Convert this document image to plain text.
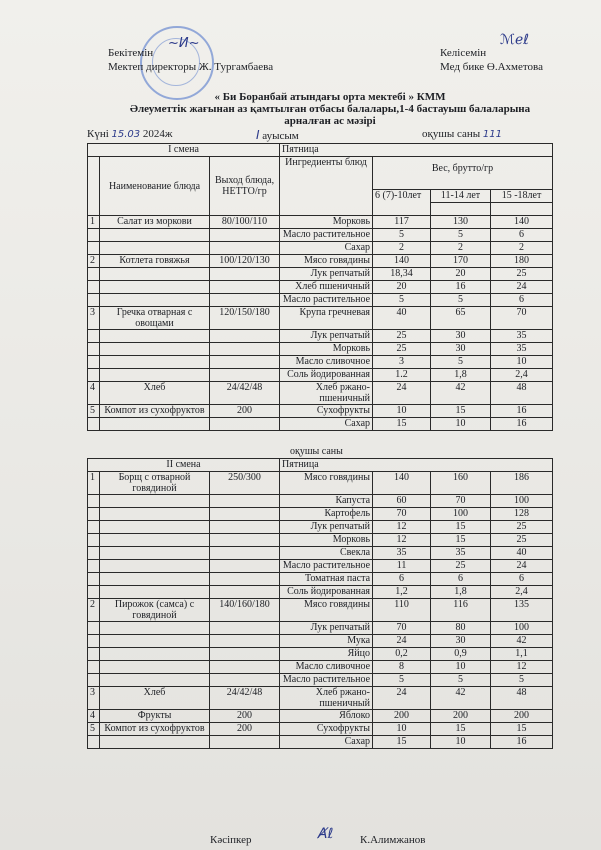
Бекітемін
Мектеп директоры Ж. Тургамбаева
~Ͷ~
Келісемін
Мед бике Ө.Ахметова
ℳℯℓ
« Би Боранбай атындағы орта мектебі » КММ
Әлеуметтік жағынан аз қамтылған отбасы балалары,1-4 бастауыш балаларына
арналған ас мәзірі
Күні 15.03 2024ж	I ауысым	оқушы саны 111
I смена			Пятница			
	Наименование блюда	Выход блюда, НЕТТО/гр	Ингредиенты блюд	Вес, брутто/гр		
				6 (7)-10лет	11-14 лет	15 -18лет

1	Салат из моркови	80/100/110	Морковь	117	130	140
			Масло растительное	5	5	6
			Сахар	2	2	2
2	Котлета говяжья	100/120/130	Мясо говядины	140	170	180
			Лук репчатый	18,34	20	25
			Хлеб пшеничный	20	16	24
			Масло растительное	5	5	6
3	Гречка отварная с овощами	120/150/180	Крупа гречневая	40	65	70
			Лук репчатый	25	30	35
			Морковь	25	30	35
			Масло сливочное	3	5	10
			Соль йодированная	1.2	1,8	2,4
4	Хлеб	24/42/48	Хлеб ржано-пшеничный	24	42	48
5	Компот из сухофруктов	200	Сухофрукты	10	15	16
			Сахар	15	10	16
оқушы саны
II смена			Пятница			
1	Борщ с отварной говядиной	250/300	Мясо говядины	140	160	186
			Капуста	60	70	100
			Картофель	70	100	128
			Лук репчатый	12	15	25
			Морковь	12	15	25
			Свекла	35	35	40
			Масло растительное	11	25	24
			Томатная паста	6	6	6
			Соль йодированная	1,2	1,8	2,4
2	Пирожок (самса) с говядиной	140/160/180	Мясо говядины	110	116	135
			Лук репчатый	70	80	100
			Мука	24	30	42
			Яйцо	0,2	0,9	1,1
			Масло сливочное	8	10	12
			Масло растительное	5	5	5
3	Хлеб	24/42/48	Хлеб ржано-пшеничный	24	42	48
4	Фрукты	200	Яблоко	200	200	200
5	Компот из сухофруктов	200	Сухофрукты	10	15	15
			Сахар	15	10	16
Кәсіпкер	Ⱥℓ К.Алимжанов
